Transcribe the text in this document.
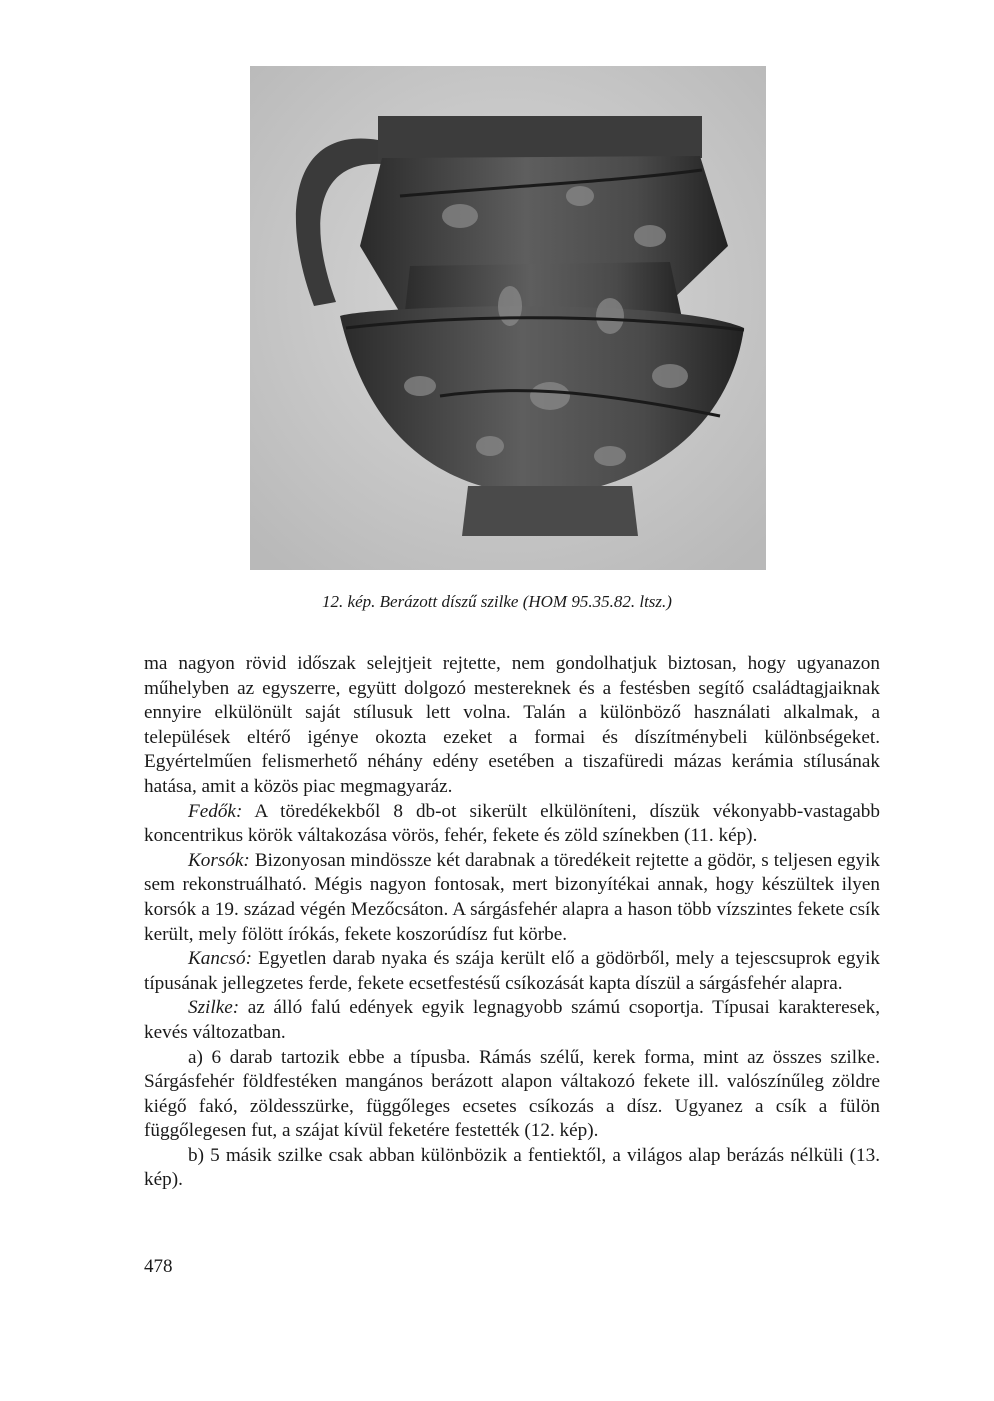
12. kép. Berázott díszű szilke (HOM 95.35.82. ltsz.)

ma nagyon rövid időszak selejtjeit rejtette, nem gondolhatjuk biztosan, hogy ugyanazon műhelyben az egyszerre, együtt dolgozó mestereknek és a festésben segítő családtagjaiknak ennyire elkülönült saját stílusuk lett volna. Talán a különböző használati alkalmak, a települések eltérő igénye okozta ezeket a formai és díszítménybeli különbségeket. Egyértelműen felismerhető néhány edény esetében a tiszafüredi mázas kerámia stílusának hatása, amit a közös piac megmagyaráz.

Fedők: A töredékekből 8 db-ot sikerült elkülöníteni, díszük vékonyabb-vastagabb koncentrikus körök váltakozása vörös, fehér, fekete és zöld színekben (11. kép).

Korsók: Bizonyosan mindössze két darabnak a töredékeit rejtette a gödör, s teljesen egyik sem rekonstruálható. Mégis nagyon fontosak, mert bizonyítékai annak, hogy készültek ilyen korsók a 19. század végén Mezőcsáton. A sárgásfehér alapra a hason több vízszintes fekete csík került, mely fölött írókás, fekete koszorúdísz fut körbe.

Kancsó: Egyetlen darab nyaka és szája került elő a gödörből, mely a tejescsuprok egyik típusának jellegzetes ferde, fekete ecsetfestésű csíkozását kapta díszül a sárgásfehér alapra.

Szilke: az álló falú edények egyik legnagyobb számú csoportja. Típusai karakteresek, kevés változatban.

a) 6 darab tartozik ebbe a típusba. Rámás szélű, kerek forma, mint az összes szilke. Sárgásfehér földfestéken mangános berázott alapon váltakozó fekete ill. valószínűleg zöldre kiégő fakó, zöldesszürke, függőleges ecsetes csíkozás a dísz. Ugyanez a csík a fülön függőlegesen fut, a szájat kívül feketére festették (12. kép).

b) 5 másik szilke csak abban különbözik a fentiektől, a világos alap berázás nélküli (13. kép).

478
